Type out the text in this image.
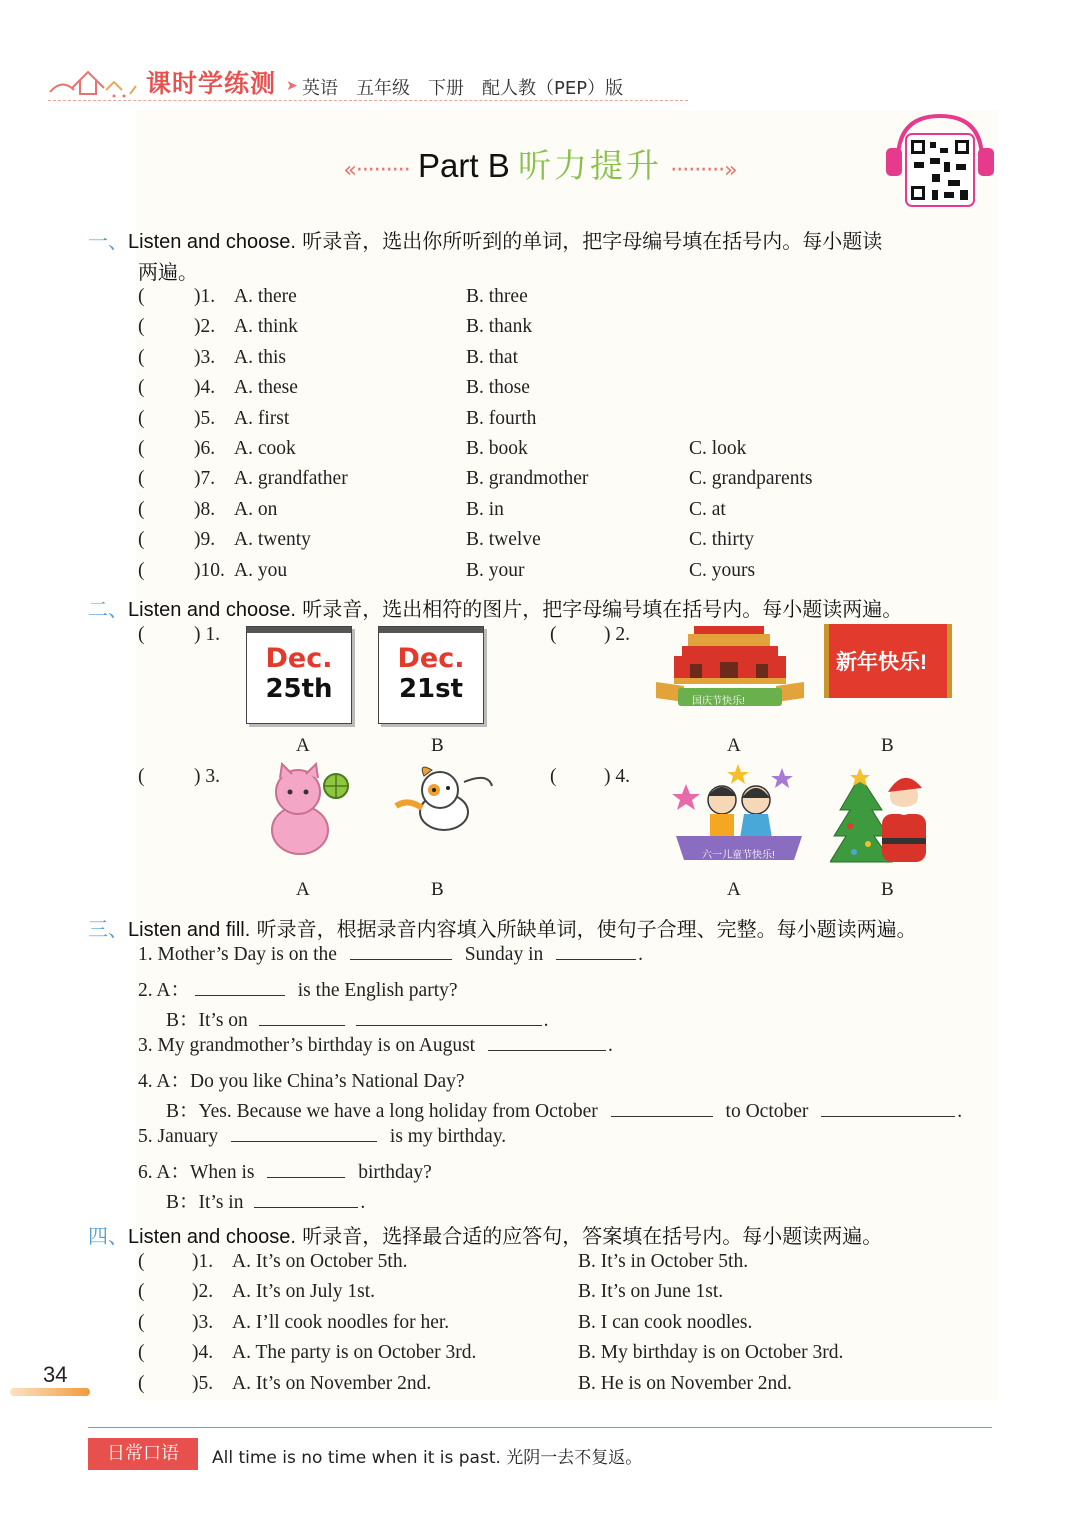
课时学练测 ➤ 英语　五年级　下册　配人教（PEP）版
«········· Part B 听力提升 ·········»
一、Listen and choose. 听录音，选出你所听到的单词，把字母编号填在括号内。每小题读
两遍。
(	)1. A. there	B. three
(	)2. A. think	B. thank
(	)3. A. this	B. that
(	)4. A. these	B. those
(	)5. A. first	B. fourth
(	)6. A. cook	B. book	C. look
(	)7. A. grandfather	B. grandmother	C. grandparents
(	)8. A. on	B. in	C. at
(	)9. A. twenty	B. twelve	C. thirty
(	)10. A. you	B. your	C. yours
二、Listen and choose. 听录音，选出相符的图片，把字母编号填在括号内。每小题读两遍。
(	) 1.
Dec.
25th
Dec.
21st
A	B
( ) 2.
国庆节快乐!
新年快乐!
A	B
(	) 3.
A	B
( ) 4.
六一儿童节快乐!
A	B
三、Listen and fill. 听录音，根据录音内容填入所缺单词，使句子合理、完整。每小题读两遍。
1. Mother’s Day is on the	Sunday in	.
2. A：	is the English party?
B：It’s on	.
3. My grandmother’s birthday is on August	.
4. A：Do you like China’s National Day?
B：Yes. Because we have a long holiday from October	to October	.
5. January	is my birthday.
6. A：When is	birthday?
B：It’s in	.
四、Listen and choose. 听录音，选择最合适的应答句，答案填在括号内。每小题读两遍。
( )1. A. It’s on October 5th.	B. It’s in October 5th.
( )2. A. It’s on July 1st.	B. It’s on June 1st.
( )3. A. I’ll cook noodles for her.	B. I can cook noodles.
( )4. A. The party is on October 3rd.	B. My birthday is on October 3rd.
( )5. A. It’s on November 2nd.	B. He is on November 2nd.
34
日常口语	All time is no time when it is past. 光阴一去不复返。
